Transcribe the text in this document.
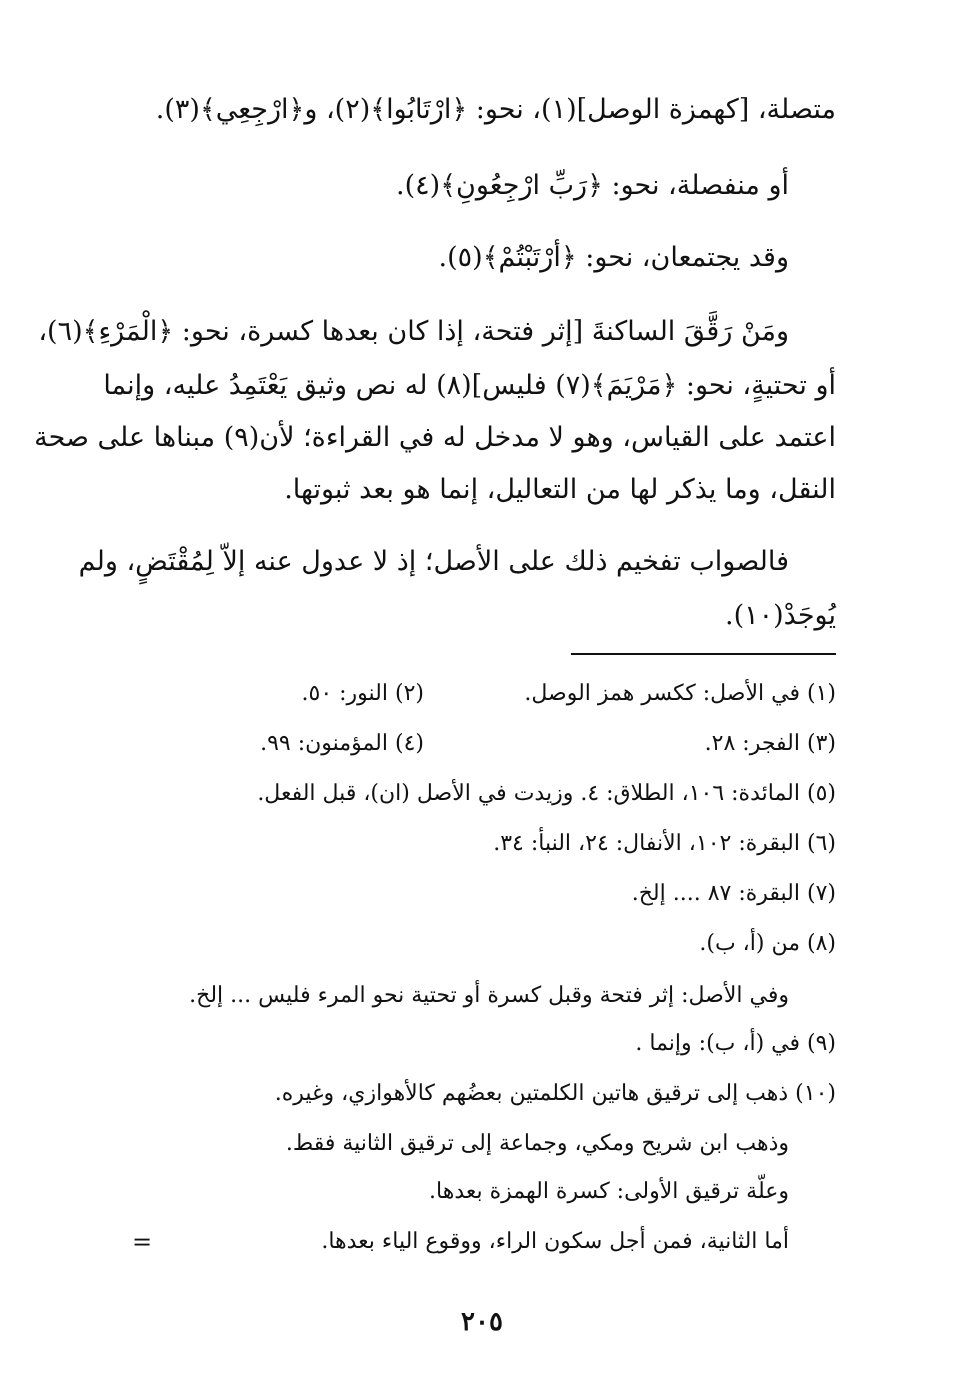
متصلة، [كهمزة الوصل](١)، نحو: ﴿ارْتَابُوا﴾(٢)، و﴿ارْجِعِي﴾(٣).
أو منفصلة، نحو: ﴿رَبِّ ارْجِعُونِ﴾(٤).
وقد يجتمعان، نحو: ﴿أرْتَبْتُمْ﴾(٥).
ومَنْ رَقَّقَ الساكنةَ [إثر فتحة، إذا كان بعدها كسرة، نحو: ﴿الْمَرْءِ﴾(٦)،
أو تحتيةٍ، نحو: ﴿مَرْيَمَ﴾(٧) فليس](٨) له نص وثيق يَعْتَمِدُ عليه، وإنما
اعتمد على القياس، وهو لا مدخل له في القراءة؛ لأن(٩) مبناها على صحة
النقل، وما يذكر لها من التعاليل، إنما هو بعد ثبوتها.
فالصواب تفخيم ذلك على الأصل؛ إذ لا عدول عنه إلاّ لِمُقْتَضٍ، ولم
يُوجَدْ(١٠).
(١) في الأصل: ككسر همز الوصل.
(٢) النور: ٥٠.
(٣) الفجر: ٢٨.
(٤) المؤمنون: ٩٩.
(٥) المائدة: ١٠٦، الطلاق: ٤. وزيدت في الأصل (ان)، قبل الفعل.
(٦) البقرة: ١٠٢، الأنفال: ٢٤، النبأ: ٣٤.
(٧) البقرة: ٨٧ .... إلخ.
(٨) من (أ، ب).
وفي الأصل: إثر فتحة وقبل كسرة أو تحتية نحو المرء فليس ... إلخ.
(٩) في (أ، ب): وإنما .
(١٠) ذهب إلى ترقيق هاتين الكلمتين بعضُهم كالأهوازي، وغيره.
وذهب ابن شريح ومكي، وجماعة إلى ترقيق الثانية فقط.
وعلّة ترقيق الأولى: كسرة الهمزة بعدها.
أما الثانية، فمن أجل سكون الراء، ووقوع الياء بعدها.
=
٢٠٥
